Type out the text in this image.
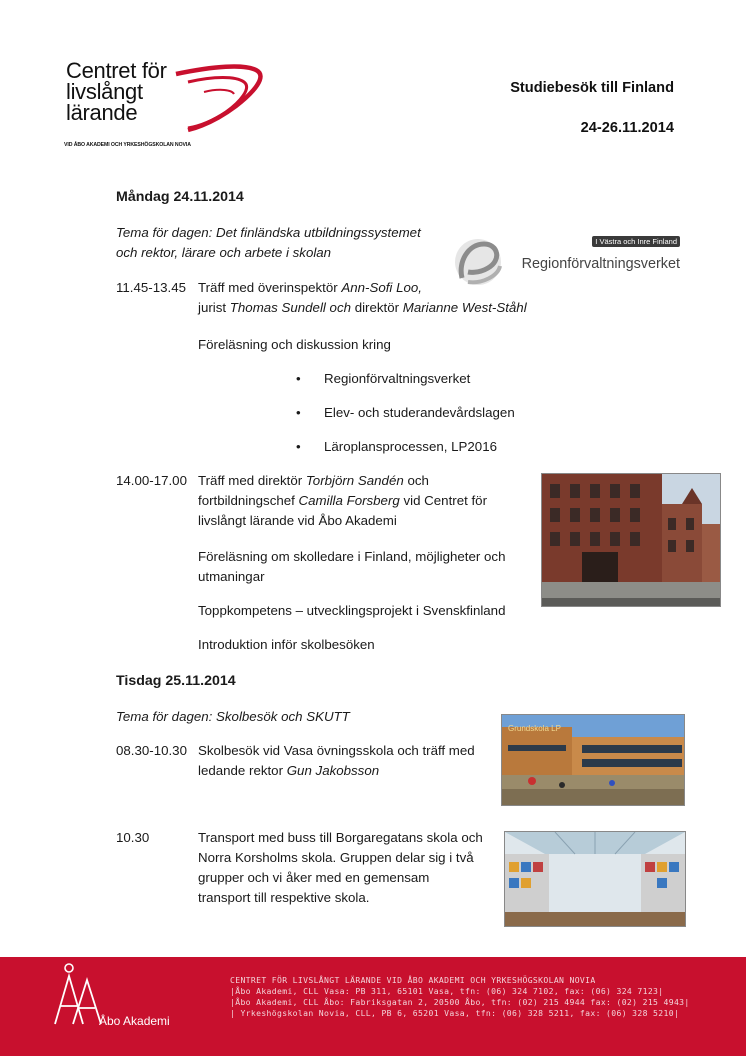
Centret för
livslångt
lärande
VID ÅBO AKADEMI OCH YRKESHÖGSKOLAN NOVIA
Studiebesök till Finland
24-26.11.2014
Måndag 24.11.2014
Tema för dagen: Det finländska utbildningssystemet
och rektor, lärare och arbete i skolan
I Västra och Inre Finland
Regionförvaltningsverket
11.45-13.45 Träff med överinspektör Ann-Sofi Loo,
jurist Thomas Sundell och direktör Marianne West-Ståhl
Föreläsning och diskussion kring
• Regionförvaltningsverket
• Elev- och studerandevårdslagen
• Läroplansprocessen, LP2016
14.00-17.00 Träff med direktör Torbjörn Sandén och
fortbildningschef Camilla Forsberg vid Centret för
livslångt lärande vid Åbo Akademi
Föreläsning om skolledare i Finland, möjligheter och
utmaningar
Toppkompetens – utvecklingsprojekt i Svenskfinland
Introduktion inför skolbesöken
Tisdag 25.11.2014
Tema för dagen: Skolbesök och SKUTT
08.30-10.30 Skolbesök vid Vasa övningsskola och träff med
ledande rektor Gun Jakobsson
Grundskola LP
10.30	Transport med buss till Borgaregatans skola och
Norra Korsholms skola. Gruppen delar sig i två
grupper och vi åker med en gemensam
transport till respektive skola.
Åbo Akademi
CENTRET FÖR LIVSLÅNGT LÄRANDE VID ÅBO AKADEMI OCH YRKESHÖGSKOLAN NOVIA
|Åbo Akademi, CLL Vasa: PB 311, 65101 Vasa, tfn: (06) 324 7102, fax: (06) 324 7123|
|Åbo Akademi, CLL Åbo: Fabriksgatan 2, 20500 Åbo, tfn: (02) 215 4944 fax: (02) 215 4943|
| Yrkeshögskolan Novia, CLL, PB 6, 65201 Vasa, tfn: (06) 328 5211, fax: (06) 328 5210|
